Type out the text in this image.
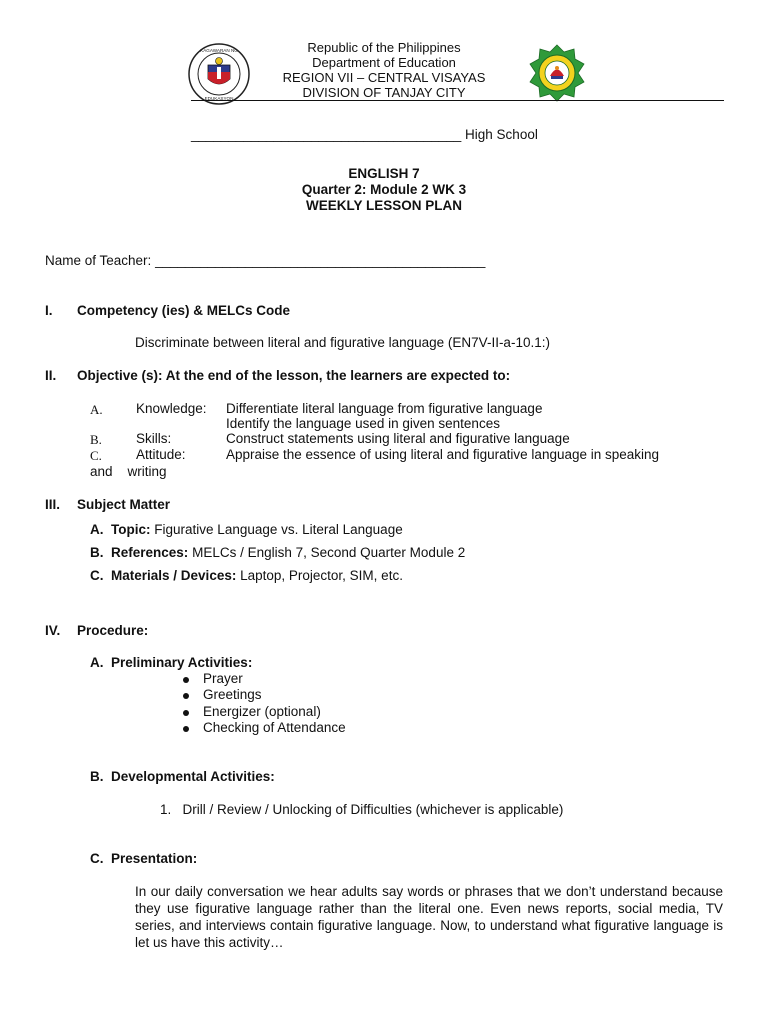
KAGAWARAN NG
EDUKASYON
Republic of the Philippines
Department of Education
REGION VII – CENTRAL VISAYAS
DIVISION OF TANJAY CITY
____________________________________ High School
ENGLISH 7
Quarter 2: Module 2 WK 3
WEEKLY LESSON PLAN
Name of Teacher: ____________________________________________
I. Competency (ies) & MELCs Code
Discriminate between literal and figurative language (EN7V-II-a-10.1:)
II. Objective (s): At the end of the lesson, the learners are expected to:
A. Knowledge: Differentiate literal language from figurative language
Identify the language used in given sentences
B.	Skills:	Construct statements using literal and figurative language
C.	Attitude:	Appraise the essence of using literal and figurative language in speaking
and    writing
III. Subject Matter
A. Topic: Figurative Language vs. Literal Language
B. References: MELCs / English 7, Second Quarter Module 2
C. Materials / Devices: Laptop, Projector, SIM, etc.
IV. Procedure:
A.  Preliminary Activities:
Prayer
Greetings
Energizer (optional)
Checking of Attendance
B.  Developmental Activities:
1.   Drill / Review / Unlocking of Difficulties (whichever is applicable)
C.  Presentation:
In our daily conversation we hear adults say words or phrases that we don’t understand because they use figurative language rather than the literal one. Even news reports, social media, TV series, and interviews contain figurative language. Now, to understand what figurative language is let us have this activity…
